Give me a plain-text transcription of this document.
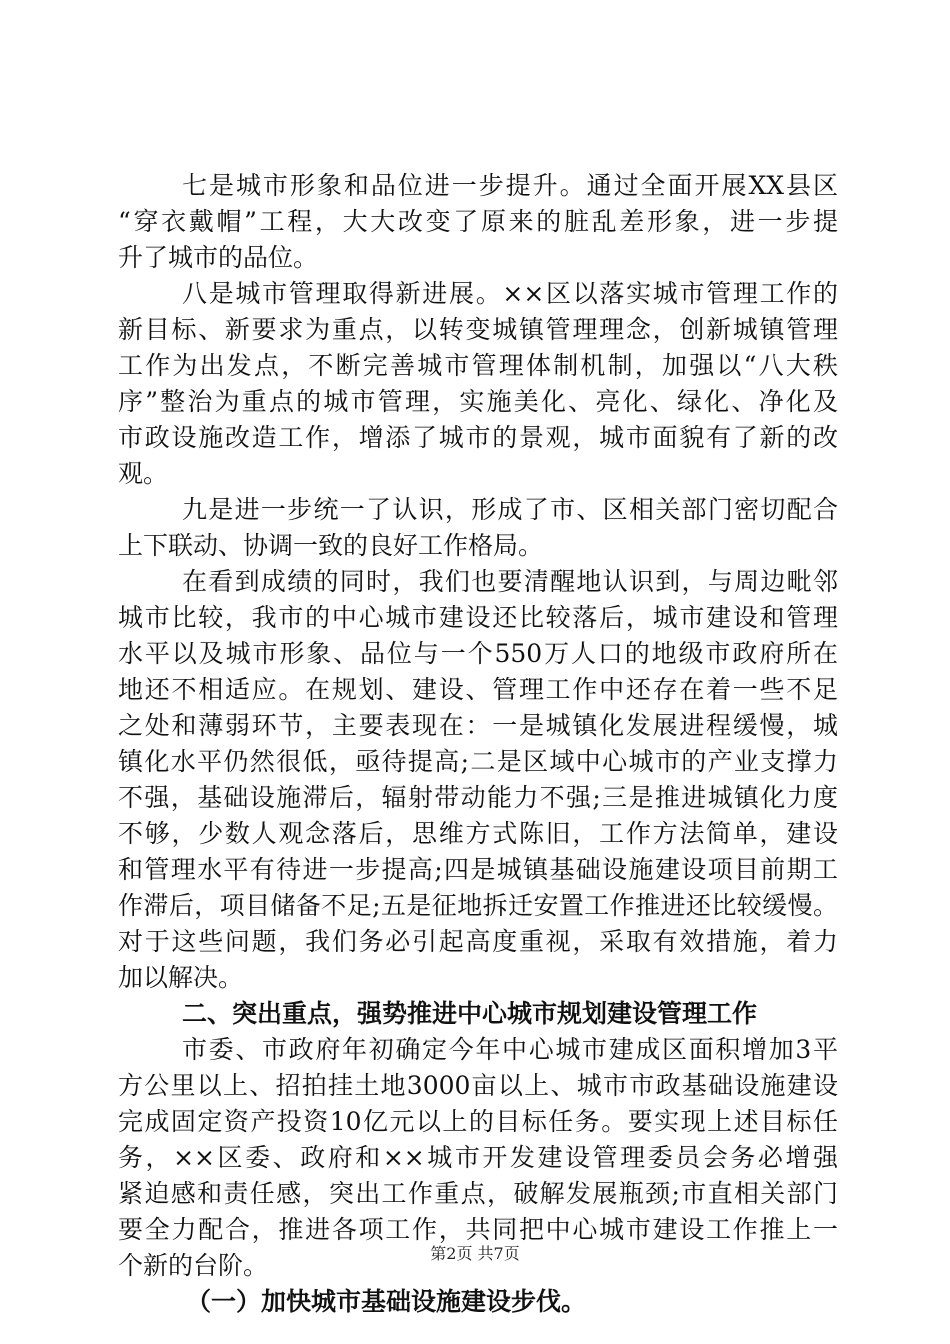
七是城市形象和品位进一步提升。通过全面开展XX县区
“穿衣戴帽”工程，大大改变了原来的脏乱差形象，进一步提
升了城市的品位。
八是城市管理取得新进展。××区以落实城市管理工作的
新目标、新要求为重点，以转变城镇管理理念，创新城镇管理
工作为出发点，不断完善城市管理体制机制，加强以“八大秩
序”整治为重点的城市管理，实施美化、亮化、绿化、净化及
市政设施改造工作，增添了城市的景观，城市面貌有了新的改
观。
九是进一步统一了认识，形成了市、区相关部门密切配合
上下联动、协调一致的良好工作格局。
在看到成绩的同时，我们也要清醒地认识到，与周边毗邻
城市比较，我市的中心城市建设还比较落后，城市建设和管理
水平以及城市形象、品位与一个550万人口的地级市政府所在
地还不相适应。在规划、建设、管理工作中还存在着一些不足
之处和薄弱环节，主要表现在：一是城镇化发展进程缓慢，城
镇化水平仍然很低，亟待提高;二是区域中心城市的产业支撑力
不强，基础设施滞后，辐射带动能力不强;三是推进城镇化力度
不够，少数人观念落后，思维方式陈旧，工作方法简单，建设
和管理水平有待进一步提高;四是城镇基础设施建设项目前期工
作滞后，项目储备不足;五是征地拆迁安置工作推进还比较缓慢。
对于这些问题，我们务必引起高度重视，采取有效措施，着力
加以解决。
二、突出重点，强势推进中心城市规划建设管理工作
市委、市政府年初确定今年中心城市建成区面积增加3平
方公里以上、招拍挂土地3000亩以上、城市市政基础设施建设
完成固定资产投资10亿元以上的目标任务。要实现上述目标任
务，××区委、政府和××城市开发建设管理委员会务必增强
紧迫感和责任感，突出工作重点，破解发展瓶颈;市直相关部门
要全力配合，推进各项工作，共同把中心城市建设工作推上一
个新的台阶。
（一）加快城市基础设施建设步伐。
第2页 共7页
